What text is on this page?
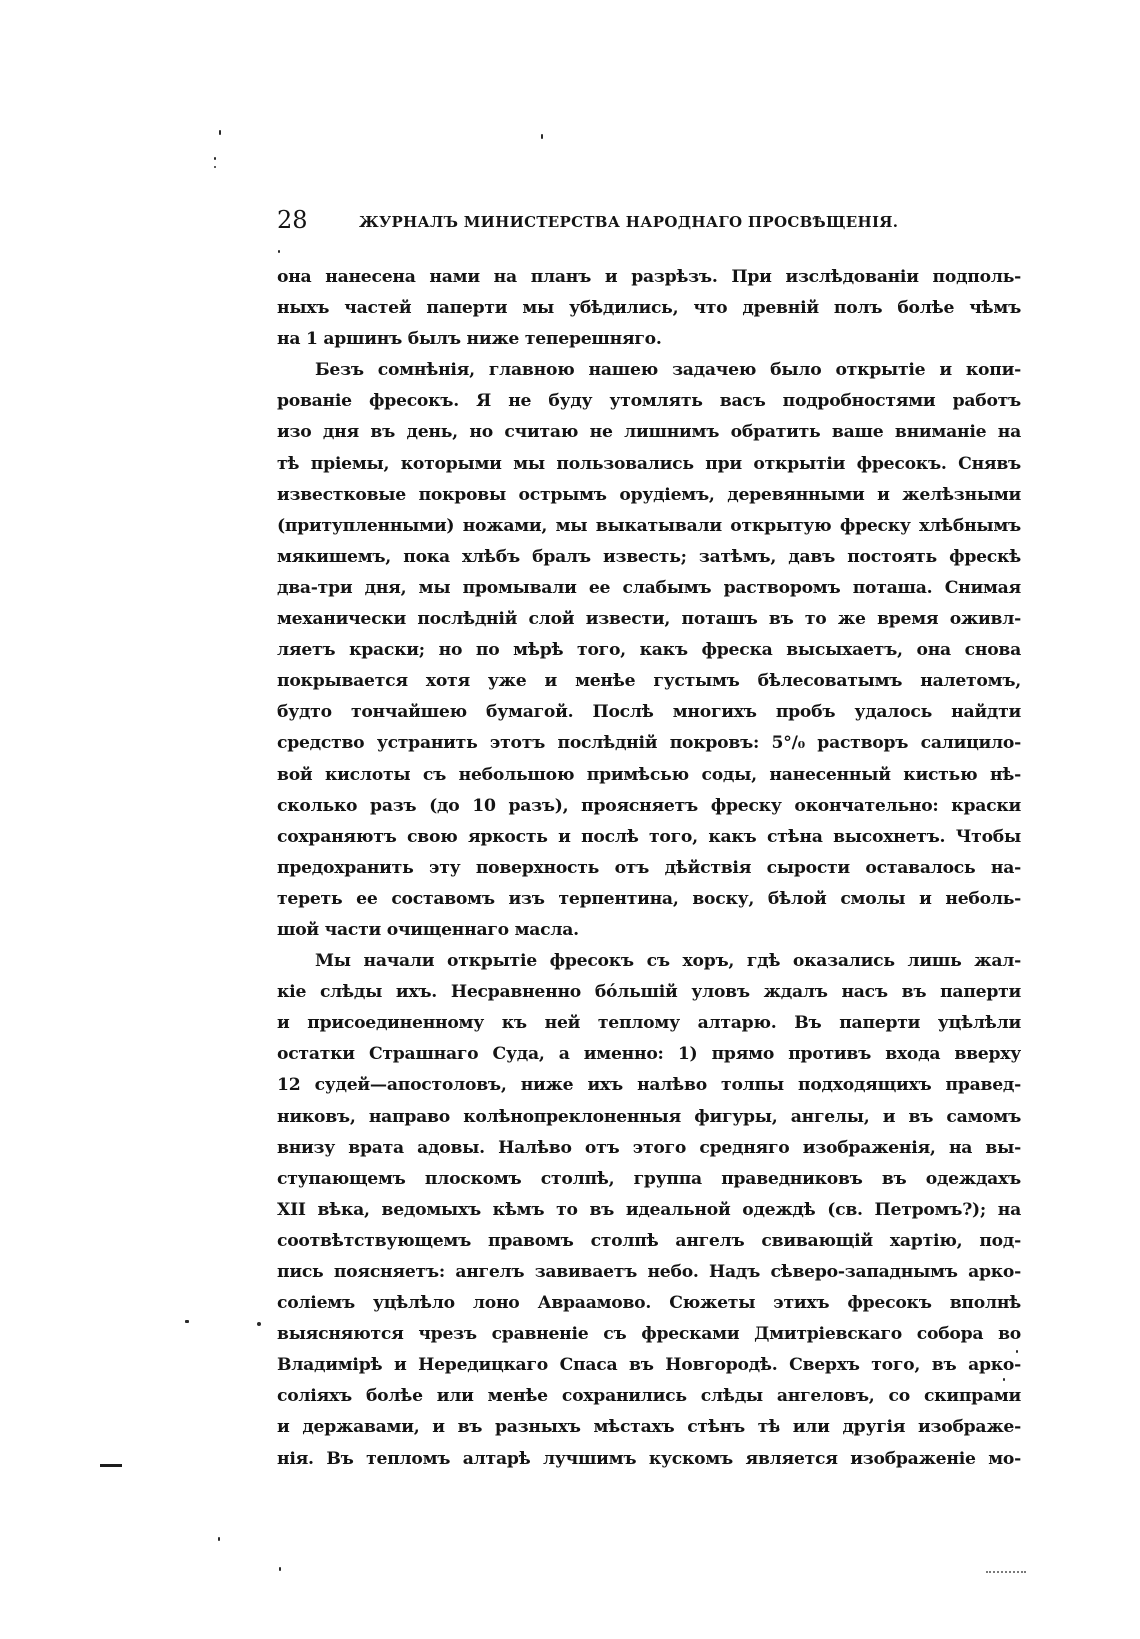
28	ЖУРНАЛЪ МИНИСТЕРСТВА НАРОДНАГО ПРОСВѢЩЕНІЯ.
она нанесена нами на планъ и разрѣзъ. При изслѣдованіи подполь-
ныхъ частей паперти мы убѣдились, что древній полъ болѣе чѣмъ
на 1 аршинъ былъ ниже теперешняго.
Безъ сомнѣнія, главною нашею задачею было открытіе и копи-
рованіе фресокъ. Я не буду утомлять васъ подробностями работъ
изо дня въ день, но считаю не лишнимъ обратить ваше вниманіе на
тѣ пріемы, которыми мы пользовались при открытіи фресокъ. Снявъ
известковые покровы острымъ орудіемъ, деревянными и желѣзными
(притупленными) ножами, мы выкатывали открытую фреску хлѣбнымъ
мякишемъ, пока хлѣбъ бралъ известь; затѣмъ, давъ постоять фрескѣ
два-три дня, мы промывали ее слабымъ растворомъ поташа. Снимая
механически послѣдній слой извести, поташъ въ то же время оживл-
ляетъ краски; но по мѣрѣ того, какъ фреска высыхаетъ, она снова
покрывается хотя уже и менѣе густымъ бѣлесоватымъ налетомъ,
будто тончайшею бумагой. Послѣ многихъ пробъ удалось найдти
средство устранить этотъ послѣдній покровъ: 5°/₀ растворъ салицило-
вой кислоты съ небольшою примѣсью соды, нанесенный кистью нѣ-
сколько разъ (до 10 разъ), проясняетъ фреску окончательно: краски
сохраняютъ свою яркость и послѣ того, какъ стѣна высохнетъ. Чтобы
предохранить эту поверхность отъ дѣйствія сырости оставалось на-
тереть ее составомъ изъ терпентина, воску, бѣлой смолы и неболь-
шой части очищеннаго масла.
Мы начали открытіе фресокъ съ хоръ, гдѣ оказались лишь жал-
кіе слѣды ихъ. Несравненно бóльшій уловъ ждалъ насъ въ паперти
и присоединенному къ ней теплому алтарю. Въ паперти уцѣлѣли
остатки Страшнаго Суда, а именно: 1) прямо противъ входа вверху
12 судей—апостоловъ, ниже ихъ налѣво толпы подходящихъ правед-
никовъ, направо колѣнопреклоненныя фигуры, ангелы, и въ самомъ
внизу врата адовы. Налѣво отъ этого средняго изображенія, на вы-
ступающемъ плоскомъ столпѣ, группа праведниковъ въ одеждахъ
XII вѣка, ведомыхъ кѣмъ то въ идеальной одеждѣ (св. Петромъ?); на
соотвѣтствующемъ правомъ столпѣ ангелъ свивающій хартію, под-
пись поясняетъ: ангелъ завиваетъ небо. Надъ сѣверо-западнымъ арко-
соліемъ уцѣлѣло лоно Авраамово. Сюжеты этихъ фресокъ вполнѣ
выясняются чрезъ сравненіе съ фресками Дмитріевскаго собора во
Владимірѣ и Нередицкаго Спаса въ Новгородѣ. Сверхъ того, въ арко-
соліяхъ болѣе или менѣе сохранились слѣды ангеловъ, со скипрами
и державами, и въ разныхъ мѣстахъ стѣнъ тѣ или другія изображе-
нія. Въ тепломъ алтарѣ лучшимъ кускомъ является изображеніе мо-
